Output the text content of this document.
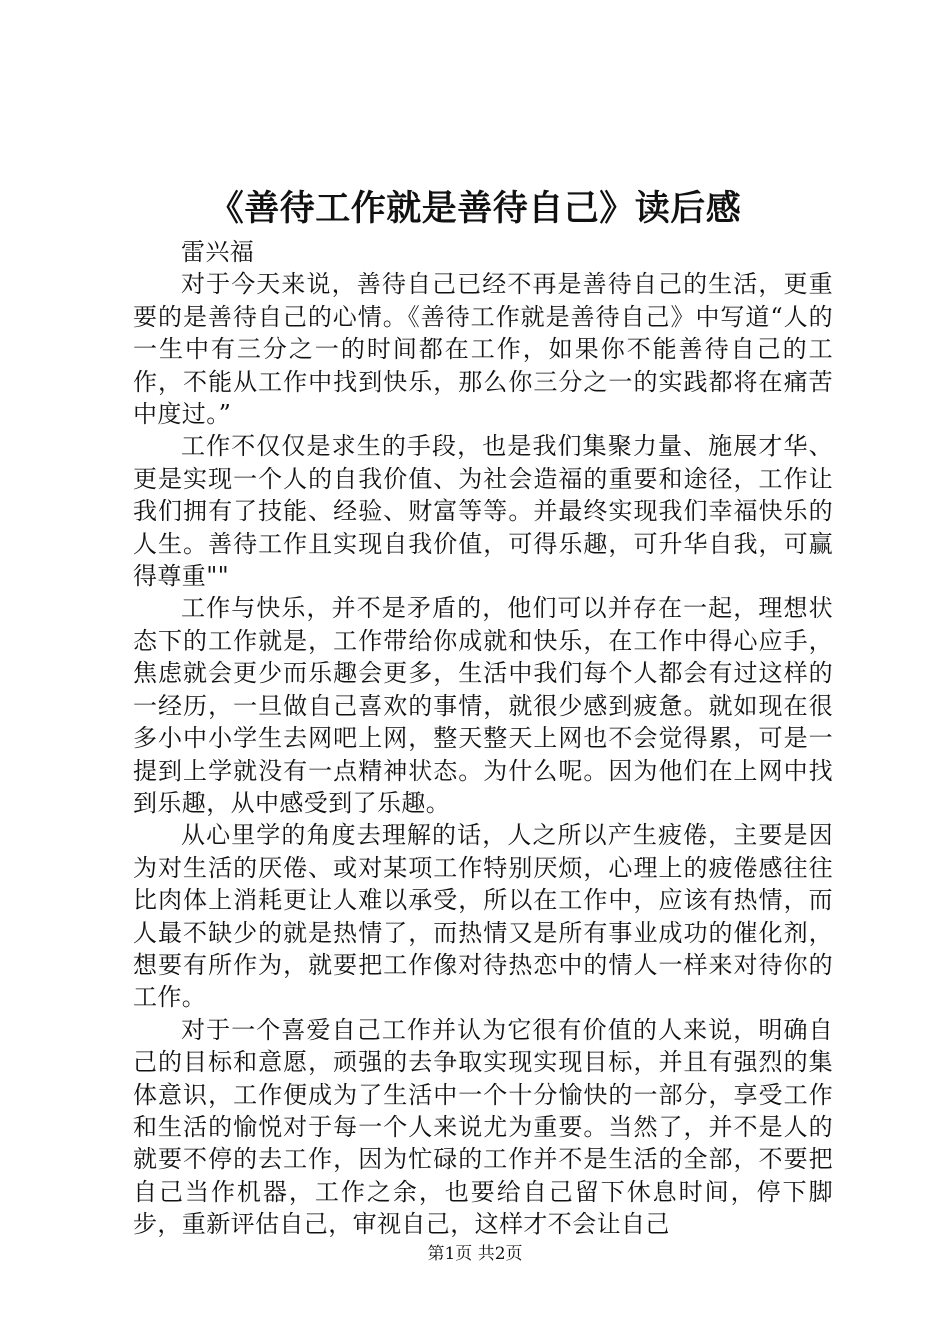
《善待工作就是善待自己》读后感

雷兴福

对于今天来说，善待自己已经不再是善待自己的生活，更重要的是善待自己的心情。《善待工作就是善待自己》中写道“人的一生中有三分之一的时间都在工作，如果你不能善待自己的工作，不能从工作中找到快乐，那么你三分之一的实践都将在痛苦中度过。”

工作不仅仅是求生的手段，也是我们集聚力量、施展才华、更是实现一个人的自我价值、为社会造福的重要和途径，工作让我们拥有了技能、经验、财富等等。并最终实现我们幸福快乐的人生。善待工作且实现自我价值，可得乐趣，可升华自我，可赢得尊重""

工作与快乐，并不是矛盾的，他们可以并存在一起，理想状态下的工作就是，工作带给你成就和快乐，在工作中得心应手，焦虑就会更少而乐趣会更多，生活中我们每个人都会有过这样的一经历，一旦做自己喜欢的事情，就很少感到疲惫。就如现在很多小中小学生去网吧上网，整天整天上网也不会觉得累，可是一提到上学就没有一点精神状态。为什么呢。因为他们在上网中找到乐趣，从中感受到了乐趣。

从心里学的角度去理解的话，人之所以产生疲倦，主要是因为对生活的厌倦、或对某项工作特别厌烦，心理上的疲倦感往往比肉体上消耗更让人难以承受，所以在工作中，应该有热情，而人最不缺少的就是热情了，而热情又是所有事业成功的催化剂，想要有所作为，就要把工作像对待热恋中的情人一样来对待你的工作。

对于一个喜爱自己工作并认为它很有价值的人来说，明确自己的目标和意愿，顽强的去争取实现实现目标，并且有强烈的集体意识，工作便成为了生活中一个十分愉快的一部分，享受工作和生活的愉悦对于每一个人来说尤为重要。当然了，并不是人的就要不停的去工作，因为忙碌的工作并不是生活的全部，不要把自己当作机器，工作之余，也要给自己留下休息时间，停下脚步，重新评估自己，审视自己，这样才不会让自己

第1页 共2页
